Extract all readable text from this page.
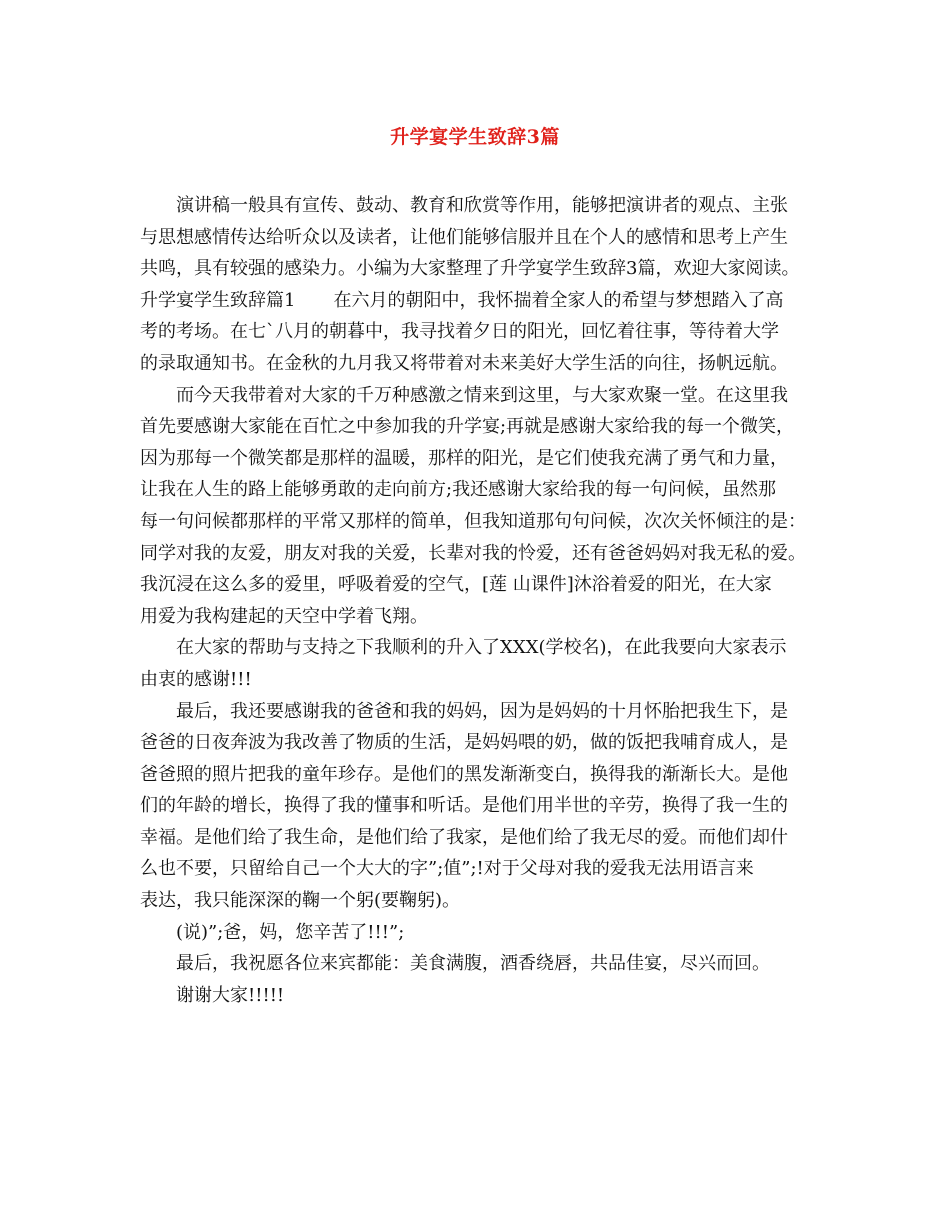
升学宴学生致辞3篇
演讲稿一般具有宣传、鼓动、教育和欣赏等作用，能够把演讲者的观点、主张
与思想感情传达给听众以及读者，让他们能够信服并且在个人的感情和思考上产生
共鸣，具有较强的感染力。小编为大家整理了升学宴学生致辞3篇，欢迎大家阅读。
升学宴学生致辞篇1 在六月的朝阳中，我怀揣着全家人的希望与梦想踏入了高
考的考场。在七`八月的朝暮中，我寻找着夕日的阳光，回忆着往事，等待着大学
的录取通知书。在金秋的九月我又将带着对未来美好大学生活的向往，扬帆远航。
而今天我带着对大家的千万种感激之情来到这里，与大家欢聚一堂。在这里我
首先要感谢大家能在百忙之中参加我的升学宴;再就是感谢大家给我的每一个微笑，
因为那每一个微笑都是那样的温暖，那样的阳光，是它们使我充满了勇气和力量，
让我在人生的路上能够勇敢的走向前方;我还感谢大家给我的每一句问候，虽然那
每一句问候都那样的平常又那样的简单，但我知道那句句问候，次次关怀倾注的是：
同学对我的友爱，朋友对我的关爱，长辈对我的怜爱，还有爸爸妈妈对我无私的爱。
我沉浸在这么多的爱里，呼吸着爱的空气，[莲 山课件]沐浴着爱的阳光，在大家
用爱为我构建起的天空中学着飞翔。
在大家的帮助与支持之下我顺利的升入了XXX(学校名)，在此我要向大家表示
由衷的感谢!!!
最后，我还要感谢我的爸爸和我的妈妈，因为是妈妈的十月怀胎把我生下，是
爸爸的日夜奔波为我改善了物质的生活，是妈妈喂的奶，做的饭把我哺育成人，是
爸爸照的照片把我的童年珍存。是他们的黑发渐渐变白，换得我的渐渐长大。是他
们的年龄的增长，换得了我的懂事和听话。是他们用半世的辛劳，换得了我一生的
幸福。是他们给了我生命，是他们给了我家，是他们给了我无尽的爱。而他们却什
么也不要，只留给自己一个大大的字”;值”;!对于父母对我的爱我无法用语言来
表达，我只能深深的鞠一个躬(要鞠躬)。
(说)”;爸，妈，您辛苦了!!!”;
最后，我祝愿各位来宾都能：美食满腹，酒香绕唇，共品佳宴，尽兴而回。
谢谢大家!!!!!
